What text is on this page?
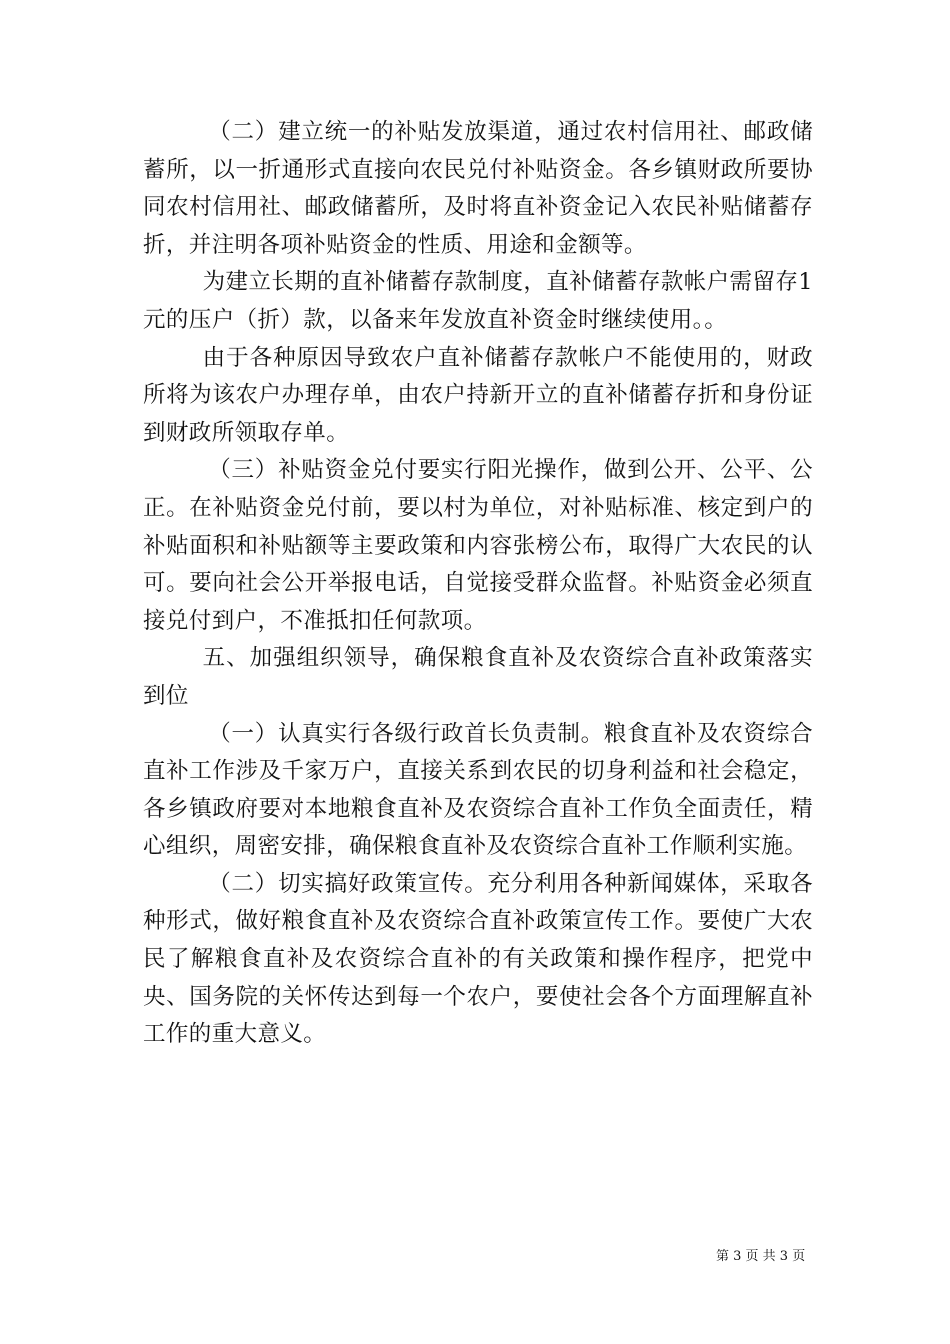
（二）建立统一的补贴发放渠道，通过农村信用社、邮政储蓄所，以一折通形式直接向农民兑付补贴资金。各乡镇财政所要协同农村信用社、邮政储蓄所，及时将直补资金记入农民补贴储蓄存折，并注明各项补贴资金的性质、用途和金额等。

为建立长期的直补储蓄存款制度，直补储蓄存款帐户需留存1元的压户（折）款，以备来年发放直补资金时继续使用。。

由于各种原因导致农户直补储蓄存款帐户不能使用的，财政所将为该农户办理存单，由农户持新开立的直补储蓄存折和身份证到财政所领取存单。

（三）补贴资金兑付要实行阳光操作，做到公开、公平、公正。在补贴资金兑付前，要以村为单位，对补贴标准、核定到户的补贴面积和补贴额等主要政策和内容张榜公布，取得广大农民的认可。要向社会公开举报电话，自觉接受群众监督。补贴资金必须直接兑付到户，不准抵扣任何款项。

五、加强组织领导，确保粮食直补及农资综合直补政策落实到位

（一）认真实行各级行政首长负责制。粮食直补及农资综合直补工作涉及千家万户，直接关系到农民的切身利益和社会稳定，各乡镇政府要对本地粮食直补及农资综合直补工作负全面责任，精心组织，周密安排，确保粮食直补及农资综合直补工作顺利实施。

（二）切实搞好政策宣传。充分利用各种新闻媒体，采取各种形式，做好粮食直补及农资综合直补政策宣传工作。要使广大农民了解粮食直补及农资综合直补的有关政策和操作程序，把党中央、国务院的关怀传达到每一个农户，要使社会各个方面理解直补工作的重大意义。

第 3 页 共 3 页
